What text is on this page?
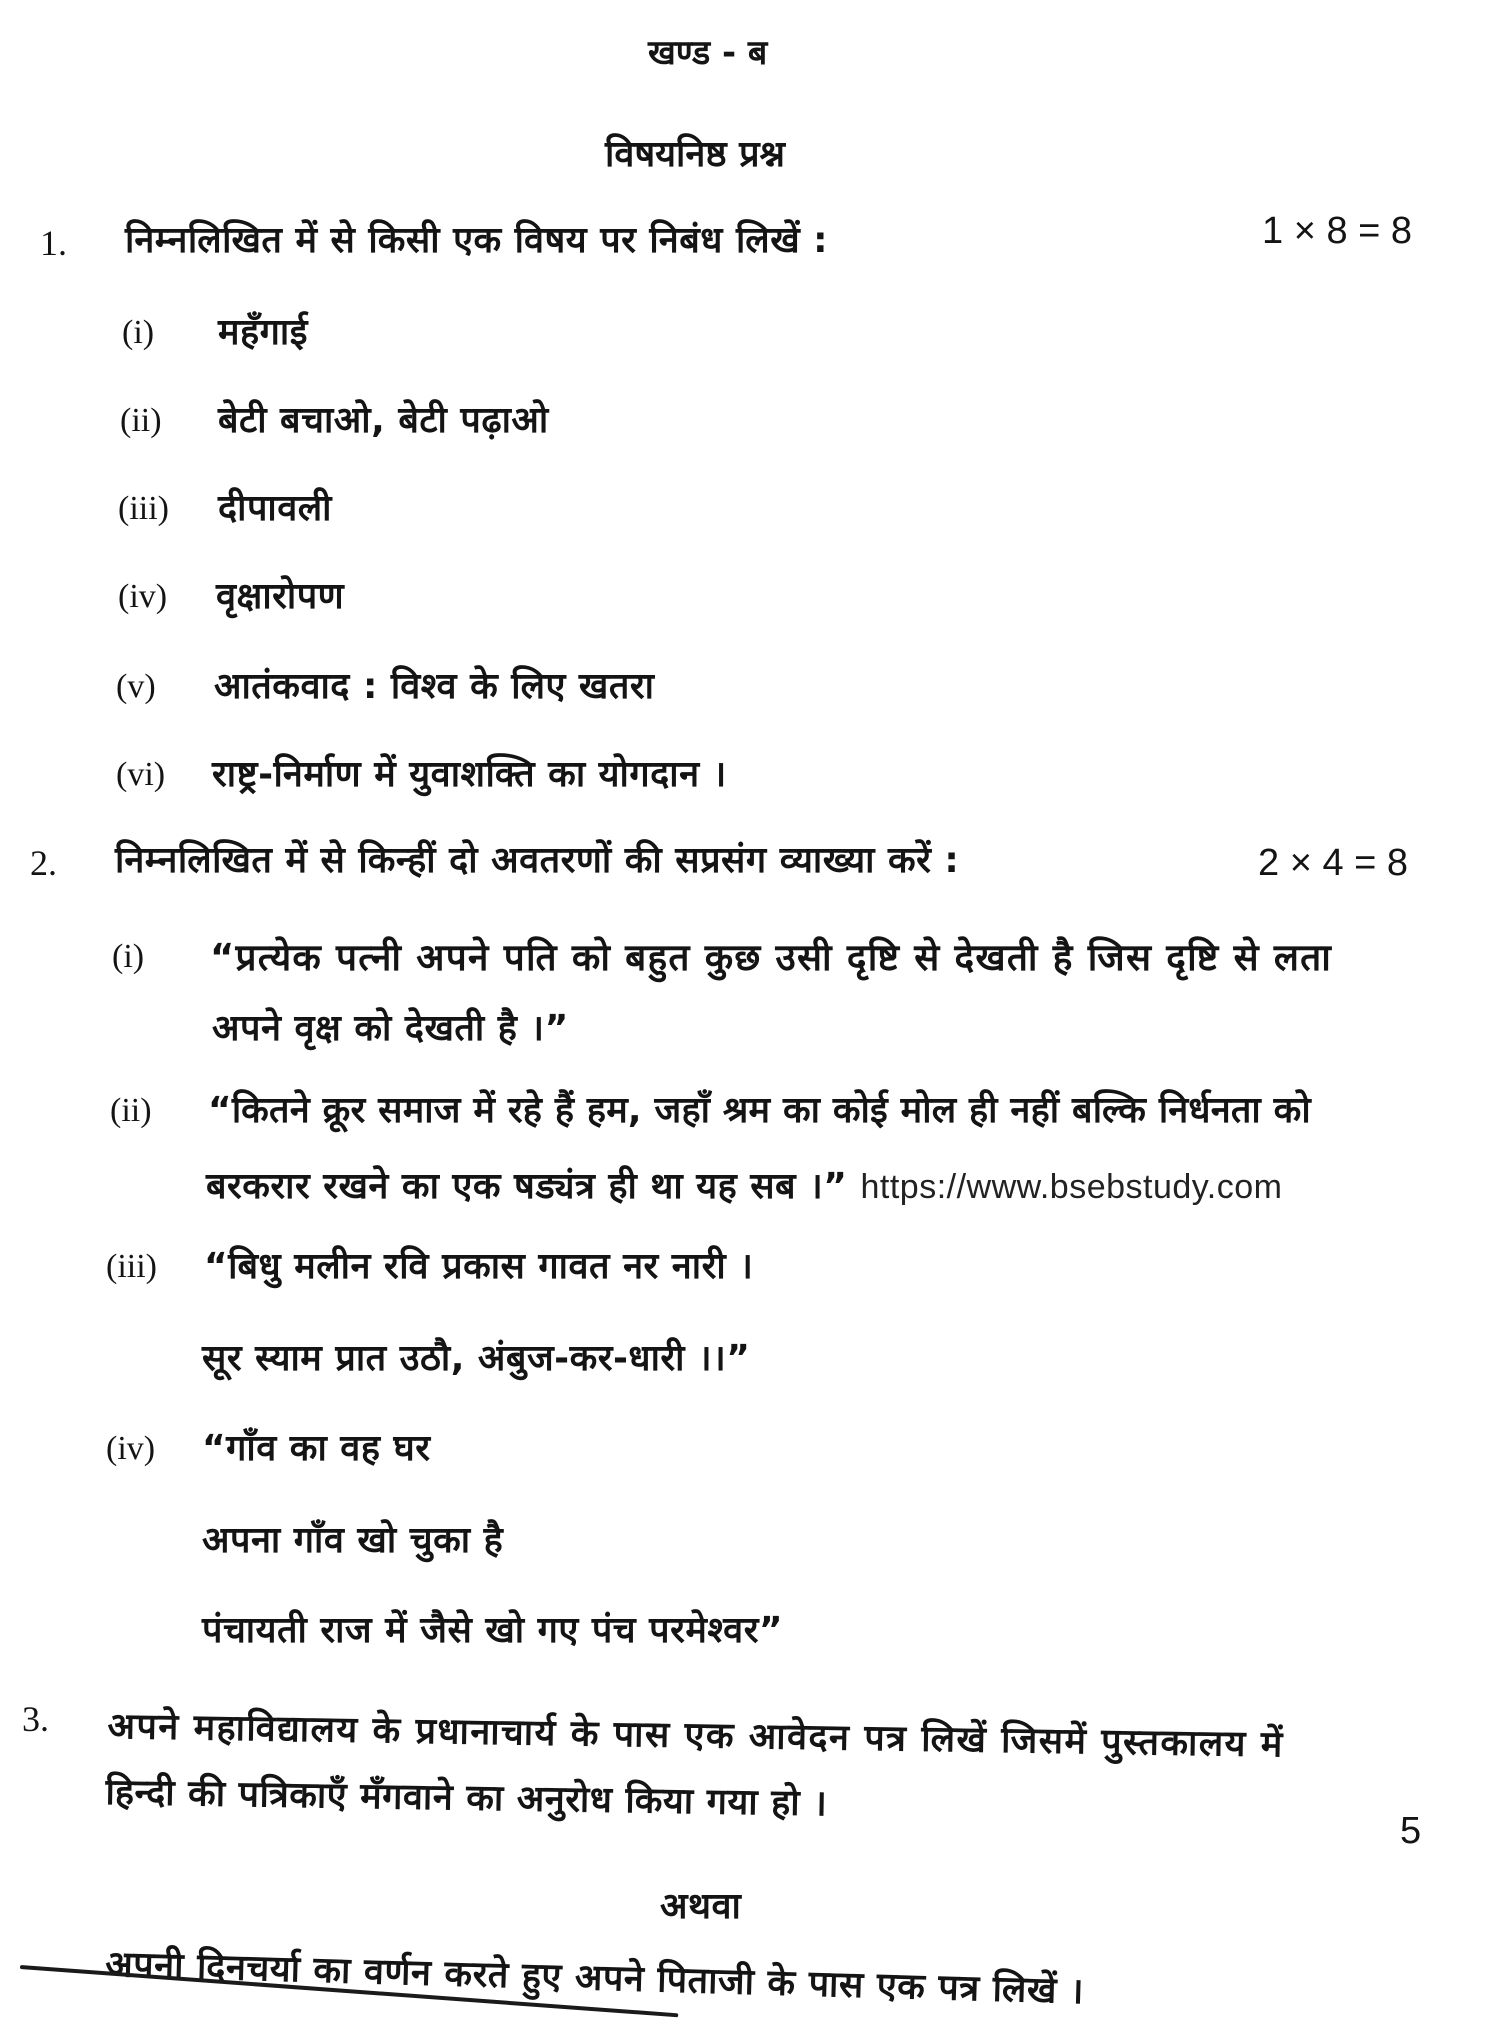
खण्ड - ब
विषयनिष्ठ प्रश्न
1. निम्नलिखित में से किसी एक विषय पर निबंध लिखें :	1 × 8 = 8
(i) महँगाई
(ii) बेटी बचाओ, बेटी पढ़ाओ
(iii) दीपावली
(iv) वृक्षारोपण
(v) आतंकवाद : विश्व के लिए खतरा
(vi) राष्ट्र-निर्माण में युवाशक्ति का योगदान ।
2. निम्नलिखित में से किन्हीं दो अवतरणों की सप्रसंग व्याख्या करें :	2 × 4 = 8
(i) “प्रत्येक पत्नी अपने पति को बहुत कुछ उसी दृष्टि से देखती है जिस दृष्टि से लता
अपने वृक्ष को देखती है ।”
(ii) “कितने क्रूर समाज में रहे हैं हम, जहाँ श्रम का कोई मोल ही नहीं बल्कि निर्धनता को
बरकरार रखने का एक षड्यंत्र ही था यह सब ।” https://www.bsebstudy.com
(iii) “बिधु मलीन रवि प्रकास गावत नर नारी ।
सूर स्याम प्रात उठौ, अंबुज-कर-धारी ।।”
(iv) “गाँव का वह घर
अपना गाँव खो चुका है
पंचायती राज में जैसे खो गए पंच परमेश्वर”
3. अपने महाविद्यालय के प्रधानाचार्य के पास एक आवेदन पत्र लिखें जिसमें पुस्तकालय में
हिन्दी की पत्रिकाएँ मँगवाने का अनुरोध किया गया हो ।
5
अथवा
अपनी दिनचर्या का वर्णन करते हुए अपने पिताजी के पास एक पत्र लिखें ।
